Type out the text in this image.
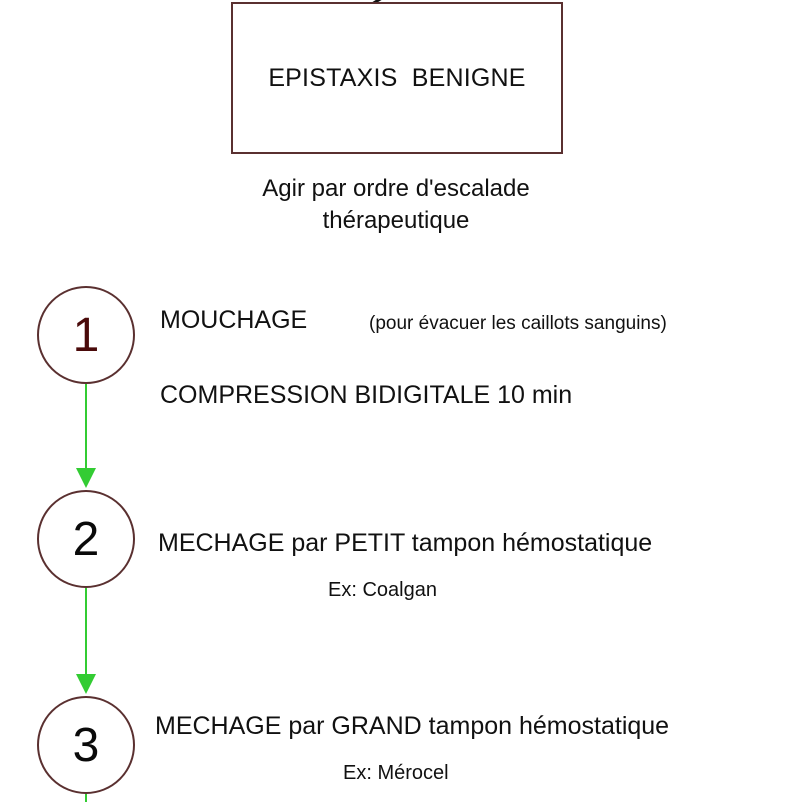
EPISTAXIS  BENIGNE
Agir par ordre d'escalade
thérapeutique
1 MOUCHAGE	(pour évacuer les caillots sanguins)
COMPRESSION BIDIGITALE 10 min
2 MECHAGE par PETIT tampon hémostatique
Ex: Coalgan
3 MECHAGE par GRAND tampon hémostatique
Ex: Mérocel
